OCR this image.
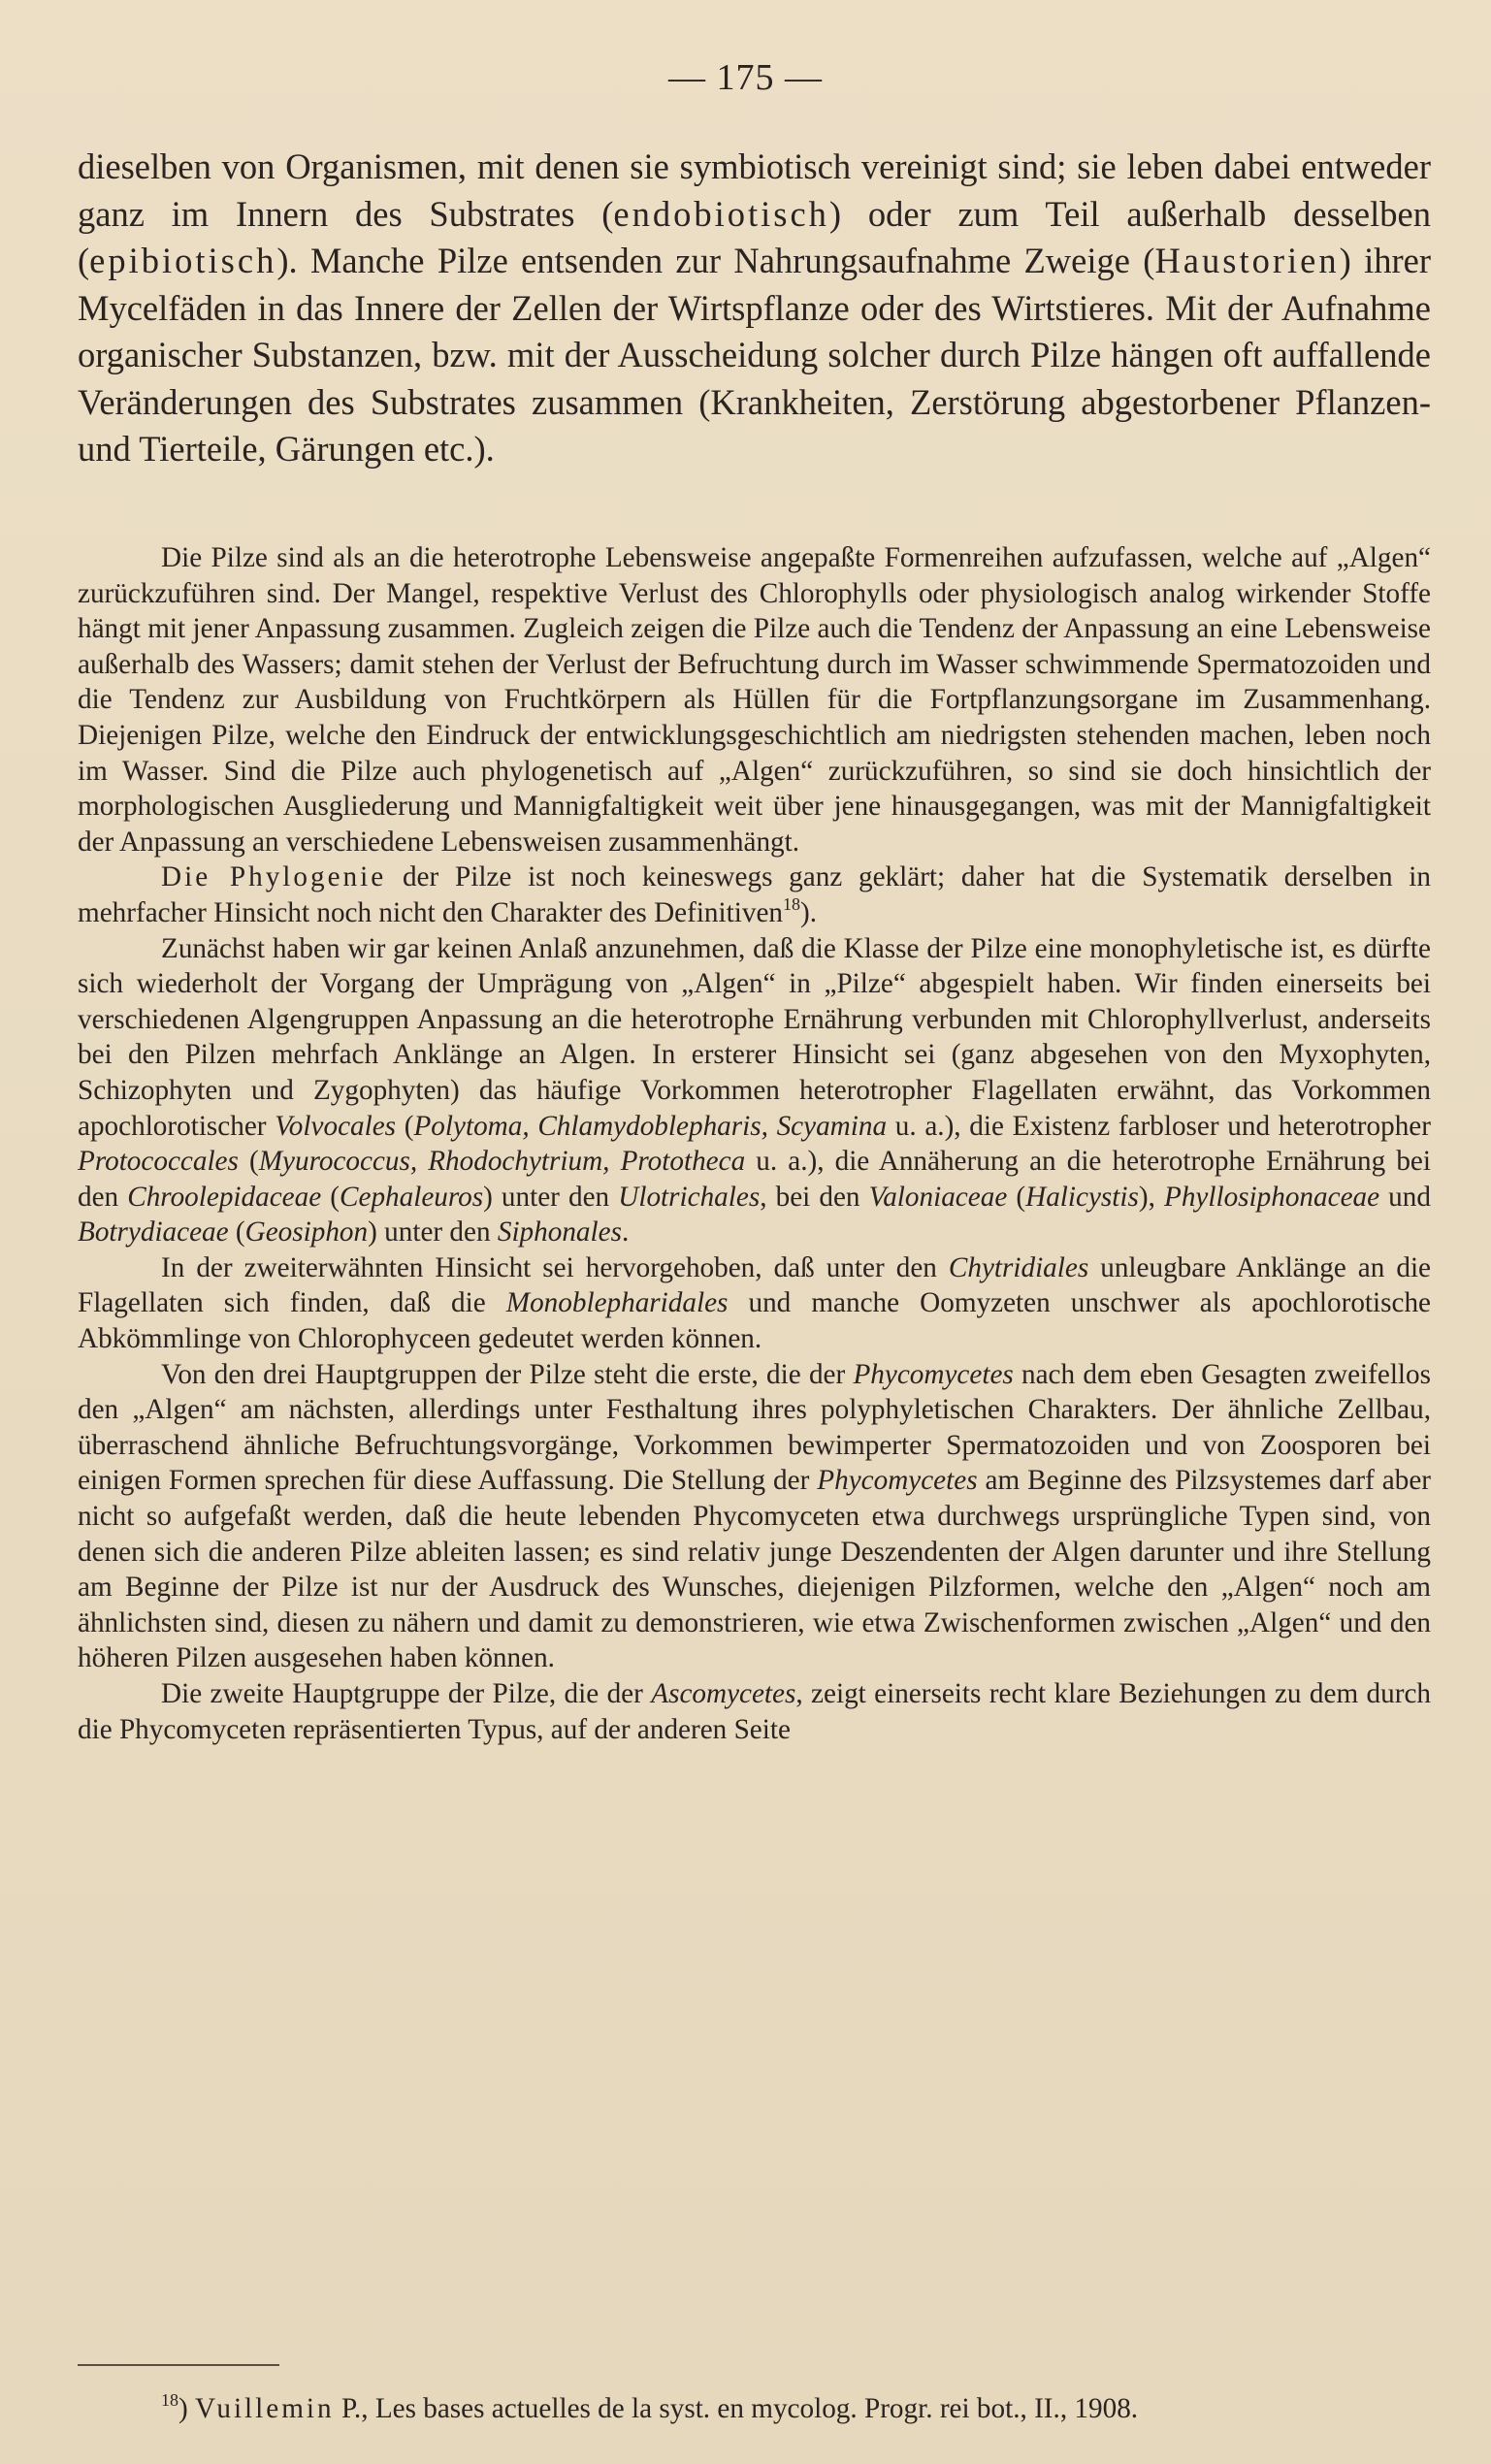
— 175 —

dieselben von Organismen, mit denen sie symbiotisch vereinigt sind; sie leben dabei entweder ganz im Innern des Substrates (endobiotisch) oder zum Teil außerhalb desselben (epibiotisch). Manche Pilze entsenden zur Nahrungsaufnahme Zweige (Haustorien) ihrer Mycelfäden in das Innere der Zellen der Wirtspflanze oder des Wirtstieres. Mit der Aufnahme organischer Substanzen, bzw. mit der Ausscheidung solcher durch Pilze hängen oft auffallende Veränderungen des Substrates zusammen (Krankheiten, Zerstörung abgestorbener Pflanzen- und Tierteile, Gärungen etc.).

Die Pilze sind als an die heterotrophe Lebensweise angepaßte Formenreihen aufzufassen, welche auf „Algen“ zurückzuführen sind. Der Mangel, respektive Verlust des Chlorophylls oder physiologisch analog wirkender Stoffe hängt mit jener Anpassung zusammen. Zugleich zeigen die Pilze auch die Tendenz der Anpassung an eine Lebensweise außerhalb des Wassers; damit stehen der Verlust der Befruchtung durch im Wasser schwimmende Spermatozoiden und die Tendenz zur Ausbildung von Fruchtkörpern als Hüllen für die Fortpflanzungsorgane im Zusammenhang. Diejenigen Pilze, welche den Eindruck der entwicklungsgeschichtlich am niedrigsten stehenden machen, leben noch im Wasser. Sind die Pilze auch phylogenetisch auf „Algen“ zurückzuführen, so sind sie doch hinsichtlich der morphologischen Ausgliederung und Mannigfaltigkeit weit über jene hinausgegangen, was mit der Mannigfaltigkeit der Anpassung an verschiedene Lebensweisen zusammenhängt.

Die Phylogenie der Pilze ist noch keineswegs ganz geklärt; daher hat die Systematik derselben in mehrfacher Hinsicht noch nicht den Charakter des Definitiven$^{18}$).

Zunächst haben wir gar keinen Anlaß anzunehmen, daß die Klasse der Pilze eine monophyletische ist, es dürfte sich wiederholt der Vorgang der Umprägung von „Algen“ in „Pilze“ abgespielt haben. Wir finden einerseits bei verschiedenen Algengruppen Anpassung an die heterotrophe Ernährung verbunden mit Chlorophyllverlust, anderseits bei den Pilzen mehrfach Anklänge an Algen. In ersterer Hinsicht sei (ganz abgesehen von den Myxophyten, Schizophyten und Zygophyten) das häufige Vorkommen heterotropher Flagellaten erwähnt, das Vorkommen apochlorotischer Volvocales (Polytoma, Chlamydoblepharis, Scyamina u. a.), die Existenz farbloser und heterotropher Protococcales (Myurococcus, Rhodochytrium, Prototheca u. a.), die Annäherung an die heterotrophe Ernährung bei den Chroolepidaceae (Cephaleuros) unter den Ulotrichales, bei den Valoniaceae (Halicystis), Phyllosiphonaceae und Botrydiaceae (Geosiphon) unter den Siphonales.

In der zweiterwähnten Hinsicht sei hervorgehoben, daß unter den Chytridiales unleugbare Anklänge an die Flagellaten sich finden, daß die Monoblepharidales und manche Oomyzeten unschwer als apochlorotische Abkömmlinge von Chlorophyceen gedeutet werden können.

Von den drei Hauptgruppen der Pilze steht die erste, die der Phycomycetes nach dem eben Gesagten zweifellos den „Algen“ am nächsten, allerdings unter Festhaltung ihres polyphyletischen Charakters. Der ähnliche Zellbau, überraschend ähnliche Befruchtungsvorgänge, Vorkommen bewimperter Spermatozoiden und von Zoosporen bei einigen Formen sprechen für diese Auffassung. Die Stellung der Phycomycetes am Beginne des Pilzsystemes darf aber nicht so aufgefaßt werden, daß die heute lebenden Phycomyceten etwa durchwegs ursprüngliche Typen sind, von denen sich die anderen Pilze ableiten lassen; es sind relativ junge Deszendenten der Algen darunter und ihre Stellung am Beginne der Pilze ist nur der Ausdruck des Wunsches, diejenigen Pilzformen, welche den „Algen“ noch am ähnlichsten sind, diesen zu nähern und damit zu demonstrieren, wie etwa Zwischenformen zwischen „Algen“ und den höheren Pilzen ausgesehen haben können.

Die zweite Hauptgruppe der Pilze, die der Ascomycetes, zeigt einerseits recht klare Beziehungen zu dem durch die Phycomyceten repräsentierten Typus, auf der anderen Seite

$^{18}$) Vuillemin P., Les bases actuelles de la syst. en mycolog. Progr. rei bot., II., 1908.
